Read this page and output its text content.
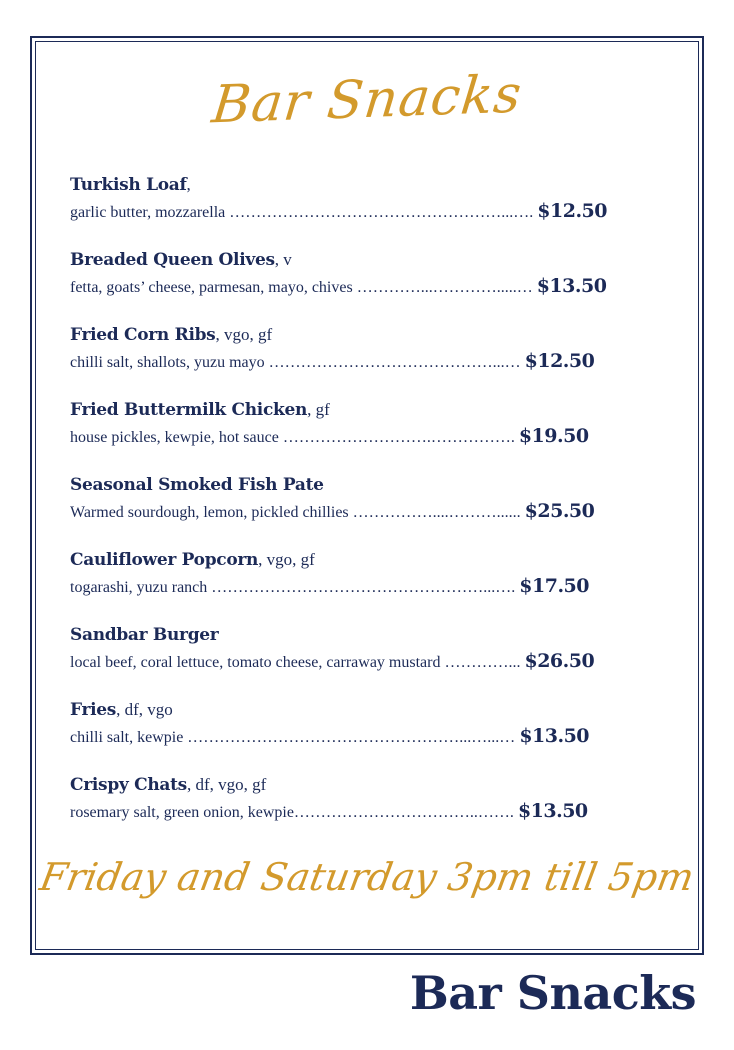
Bar Snacks
Turkish Loaf,
garlic butter, mozzarella ……………………………………………...…. $12.50
Breaded Queen Olives, v
fetta, goats’ cheese, parmesan, mayo, chives …………...………….....… $13.50
Fried Corn Ribs, vgo, gf
chilli salt, shallots, yuzu mayo ……………………………………...… $12.50
Fried Buttermilk Chicken, gf
house pickles, kewpie, hot sauce ……………………….……………. $19.50
Seasonal Smoked Fish Pate
Warmed sourdough, lemon, pickled chillies ……………....………...... $25.50
Cauliflower Popcorn, vgo, gf
togarashi, yuzu ranch ……………………………………………...…. $17.50
Sandbar Burger
local beef, coral lettuce, tomato cheese, carraway mustard …………... $26.50
Fries, df, vgo
chilli salt, kewpie ……………………………………………...…...… $13.50
Crispy Chats, df, vgo, gf
rosemary salt, green onion, kewpie……………………………..……. $13.50
Friday and Saturday 3pm till 5pm
Bar Snacks
